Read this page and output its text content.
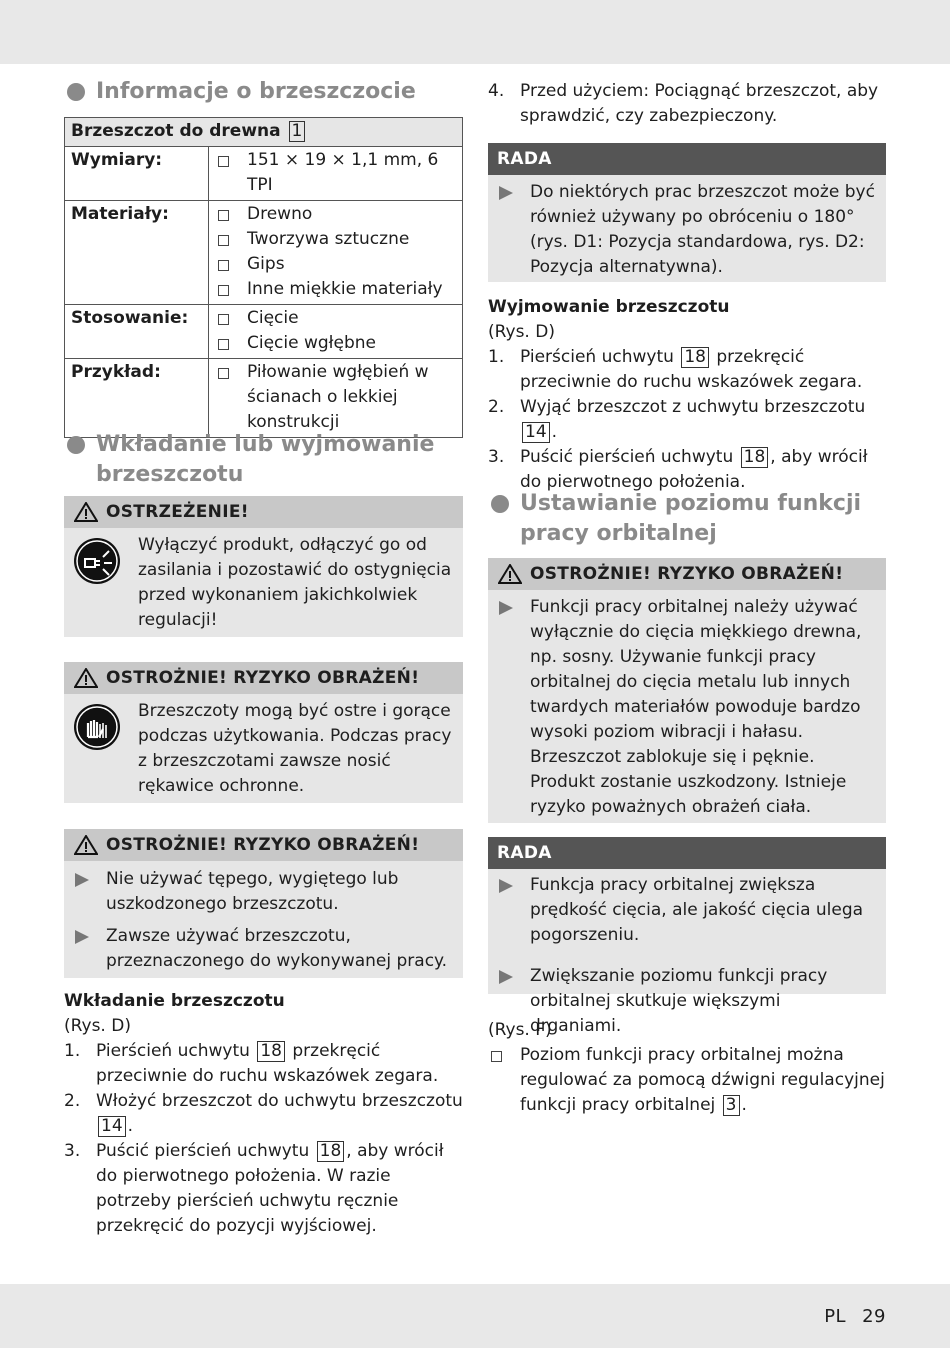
Informacje o brzeszczocie
Brzeszczot do drewna 1	
Wymiary:	151 × 19 × 1,1 mm, 6 TPI

Materiały:	Drewno
Tworzywa sztuczne
Gips
Inne miękkie materiały

Stosowanie:	Cięcie
Cięcie wgłębne

Przykład:	Piłowanie wgłębień w ścianach o lekkiej konstrukcji
Wkładanie lub wyjmowanie brzeszczotu
OSTRZEŻENIE!
Wyłączyć produkt, odłączyć go od zasilania i pozostawić do ostygnięcia przed wykonaniem jakichkolwiek regulacji!
OSTROŻNIE! RYZYKO OBRAŻEŃ!
Brzeszczoty mogą być ostre i gorące podczas użytkowania. Podczas pracy z brzeszczotami zawsze nosić rękawice ochronne.
OSTROŻNIE! RYZYKO OBRAŻEŃ!
Nie używać tępego, wygiętego lub uszkodzonego brzeszczotu.
Zawsze używać brzeszczotu, przeznaczonego do wykonywanej pracy.
Wkładanie brzeszczotu
(Rys. D)
1. Pierścień uchwytu 18 przekręcić przeciwnie do ruchu wskazówek zegara.
2. Włożyć brzeszczot do uchwytu brzeszczotu 14 .
3. Puścić pierścień uchwytu 18 , aby wrócił do pierwotnego położenia. W razie potrzeby pierścień uchwytu ręcznie przekręcić do pozycji wyjściowej.
4. Przed użyciem: Pociągnąć brzeszczot, aby sprawdzić, czy zabezpieczony.
RADA
Do niektórych prac brzeszczot może być również używany po obróceniu o 180° (rys. D1: Pozycja standardowa, rys. D2: Pozycja alternatywna).
Wyjmowanie brzeszczotu
(Rys. D)
1. Pierścień uchwytu 18 przekręcić przeciwnie do ruchu wskazówek zegara.
2. Wyjąć brzeszczot z uchwytu brzeszczotu 14 .
3. Puścić pierścień uchwytu 18 , aby wrócił do pierwotnego położenia.
Ustawianie poziomu funkcji pracy orbitalnej
OSTROŻNIE! RYZYKO OBRAŻEŃ!
Funkcji pracy orbitalnej należy używać wyłącznie do cięcia miękkiego drewna, np. sosny. Używanie funkcji pracy orbitalnej do cięcia metalu lub innych twardych materiałów powoduje bardzo wysoki poziom wibracji i hałasu. Brzeszczot zablokuje się i pęknie. Produkt zostanie uszkodzony. Istnieje ryzyko poważnych obrażeń ciała.
RADA
Funkcja pracy orbitalnej zwiększa prędkość cięcia, ale jakość cięcia ulega pogorszeniu.
Zwiększanie poziomu funkcji pracy orbitalnej skutkuje większymi drganiami.
(Rys. F)
Poziom funkcji pracy orbitalnej można regulować za pomocą dźwigni regulacyjnej funkcji pracy orbitalnej 3 .
PL 29
